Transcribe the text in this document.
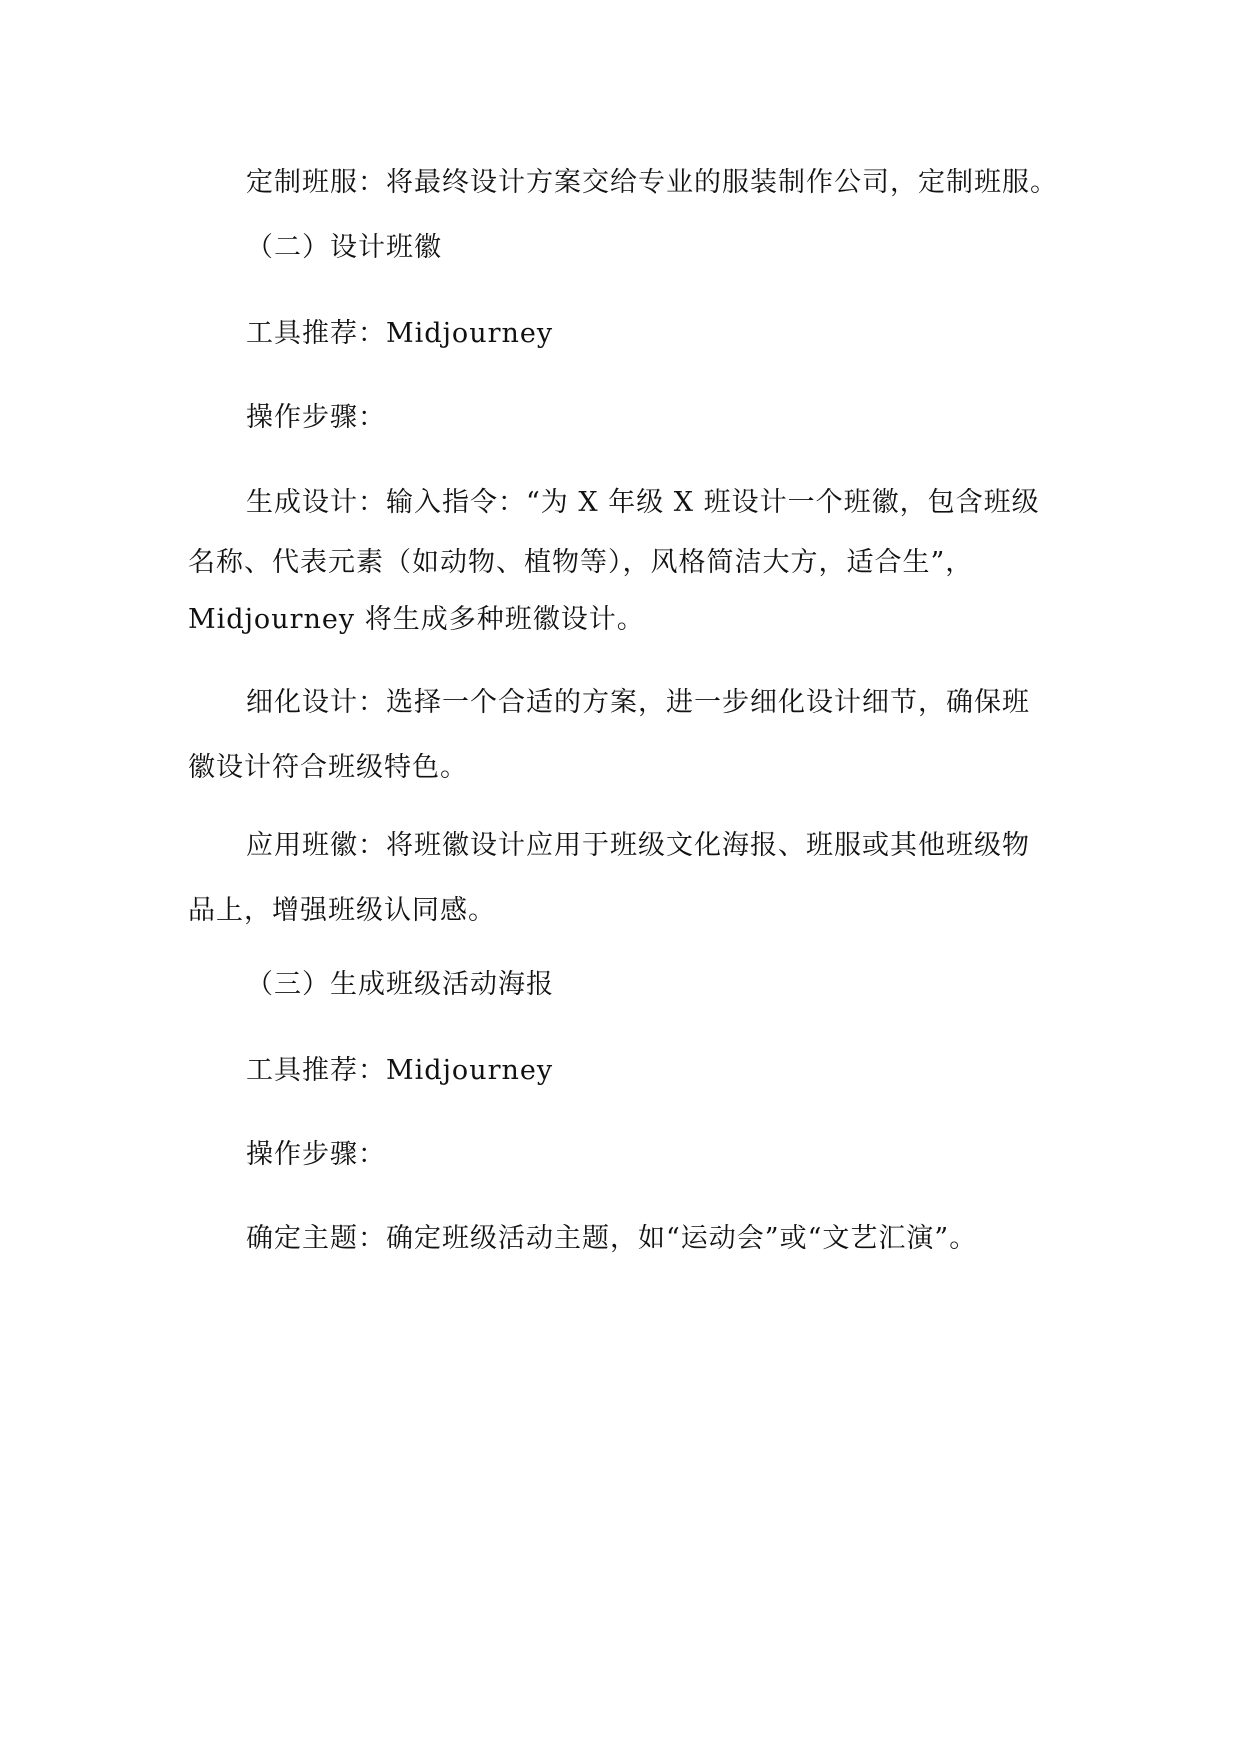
定制班服：将最终设计方案交给专业的服装制作公司，定制班服。

（二）设计班徽

工具推荐：Midjourney

操作步骤：

生成设计：输入指令：“为 X 年级 X 班设计一个班徽，包含班级
名称、代表元素（如动物、植物等），风格简洁大方，适合生”，
Midjourney 将生成多种班徽设计。

细化设计：选择一个合适的方案，进一步细化设计细节，确保班
徽设计符合班级特色。

应用班徽：将班徽设计应用于班级文化海报、班服或其他班级物
品上，增强班级认同感。

（三）生成班级活动海报

工具推荐：Midjourney

操作步骤：

确定主题：确定班级活动主题，如“运动会”或“文艺汇演”。
